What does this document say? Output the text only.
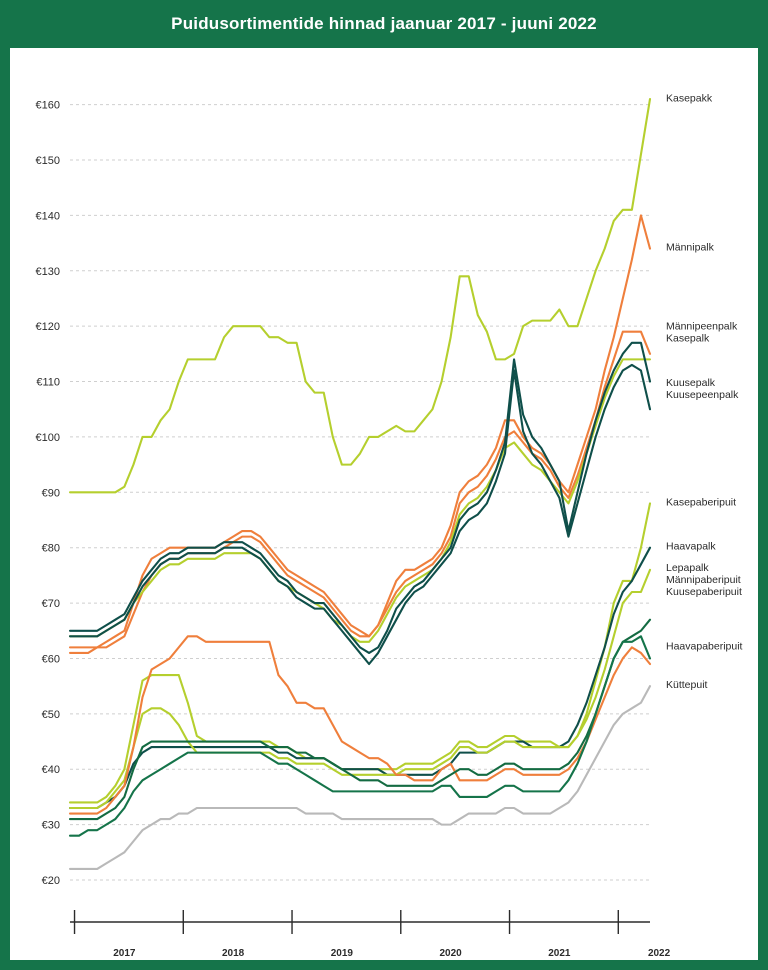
Puidusortimentide hinnad jaanuar 2017 - juuni 2022
€20
€30
€40
€50
€60
€70
€80
€90
€100
€110
€120
€130
€140
€150
€160
2017	2018	2019	2020	2021	2022
Kasepakk
Männipalk
Männipeenpalk
Kasepalk
Kuusepalk
Kuusepeenpalk
Kasepaberipuit
Haavapalk
Lepapalk
Männipaberipuit
Kuusepaberipuit
Haavapaberipuit
Küttepuit
